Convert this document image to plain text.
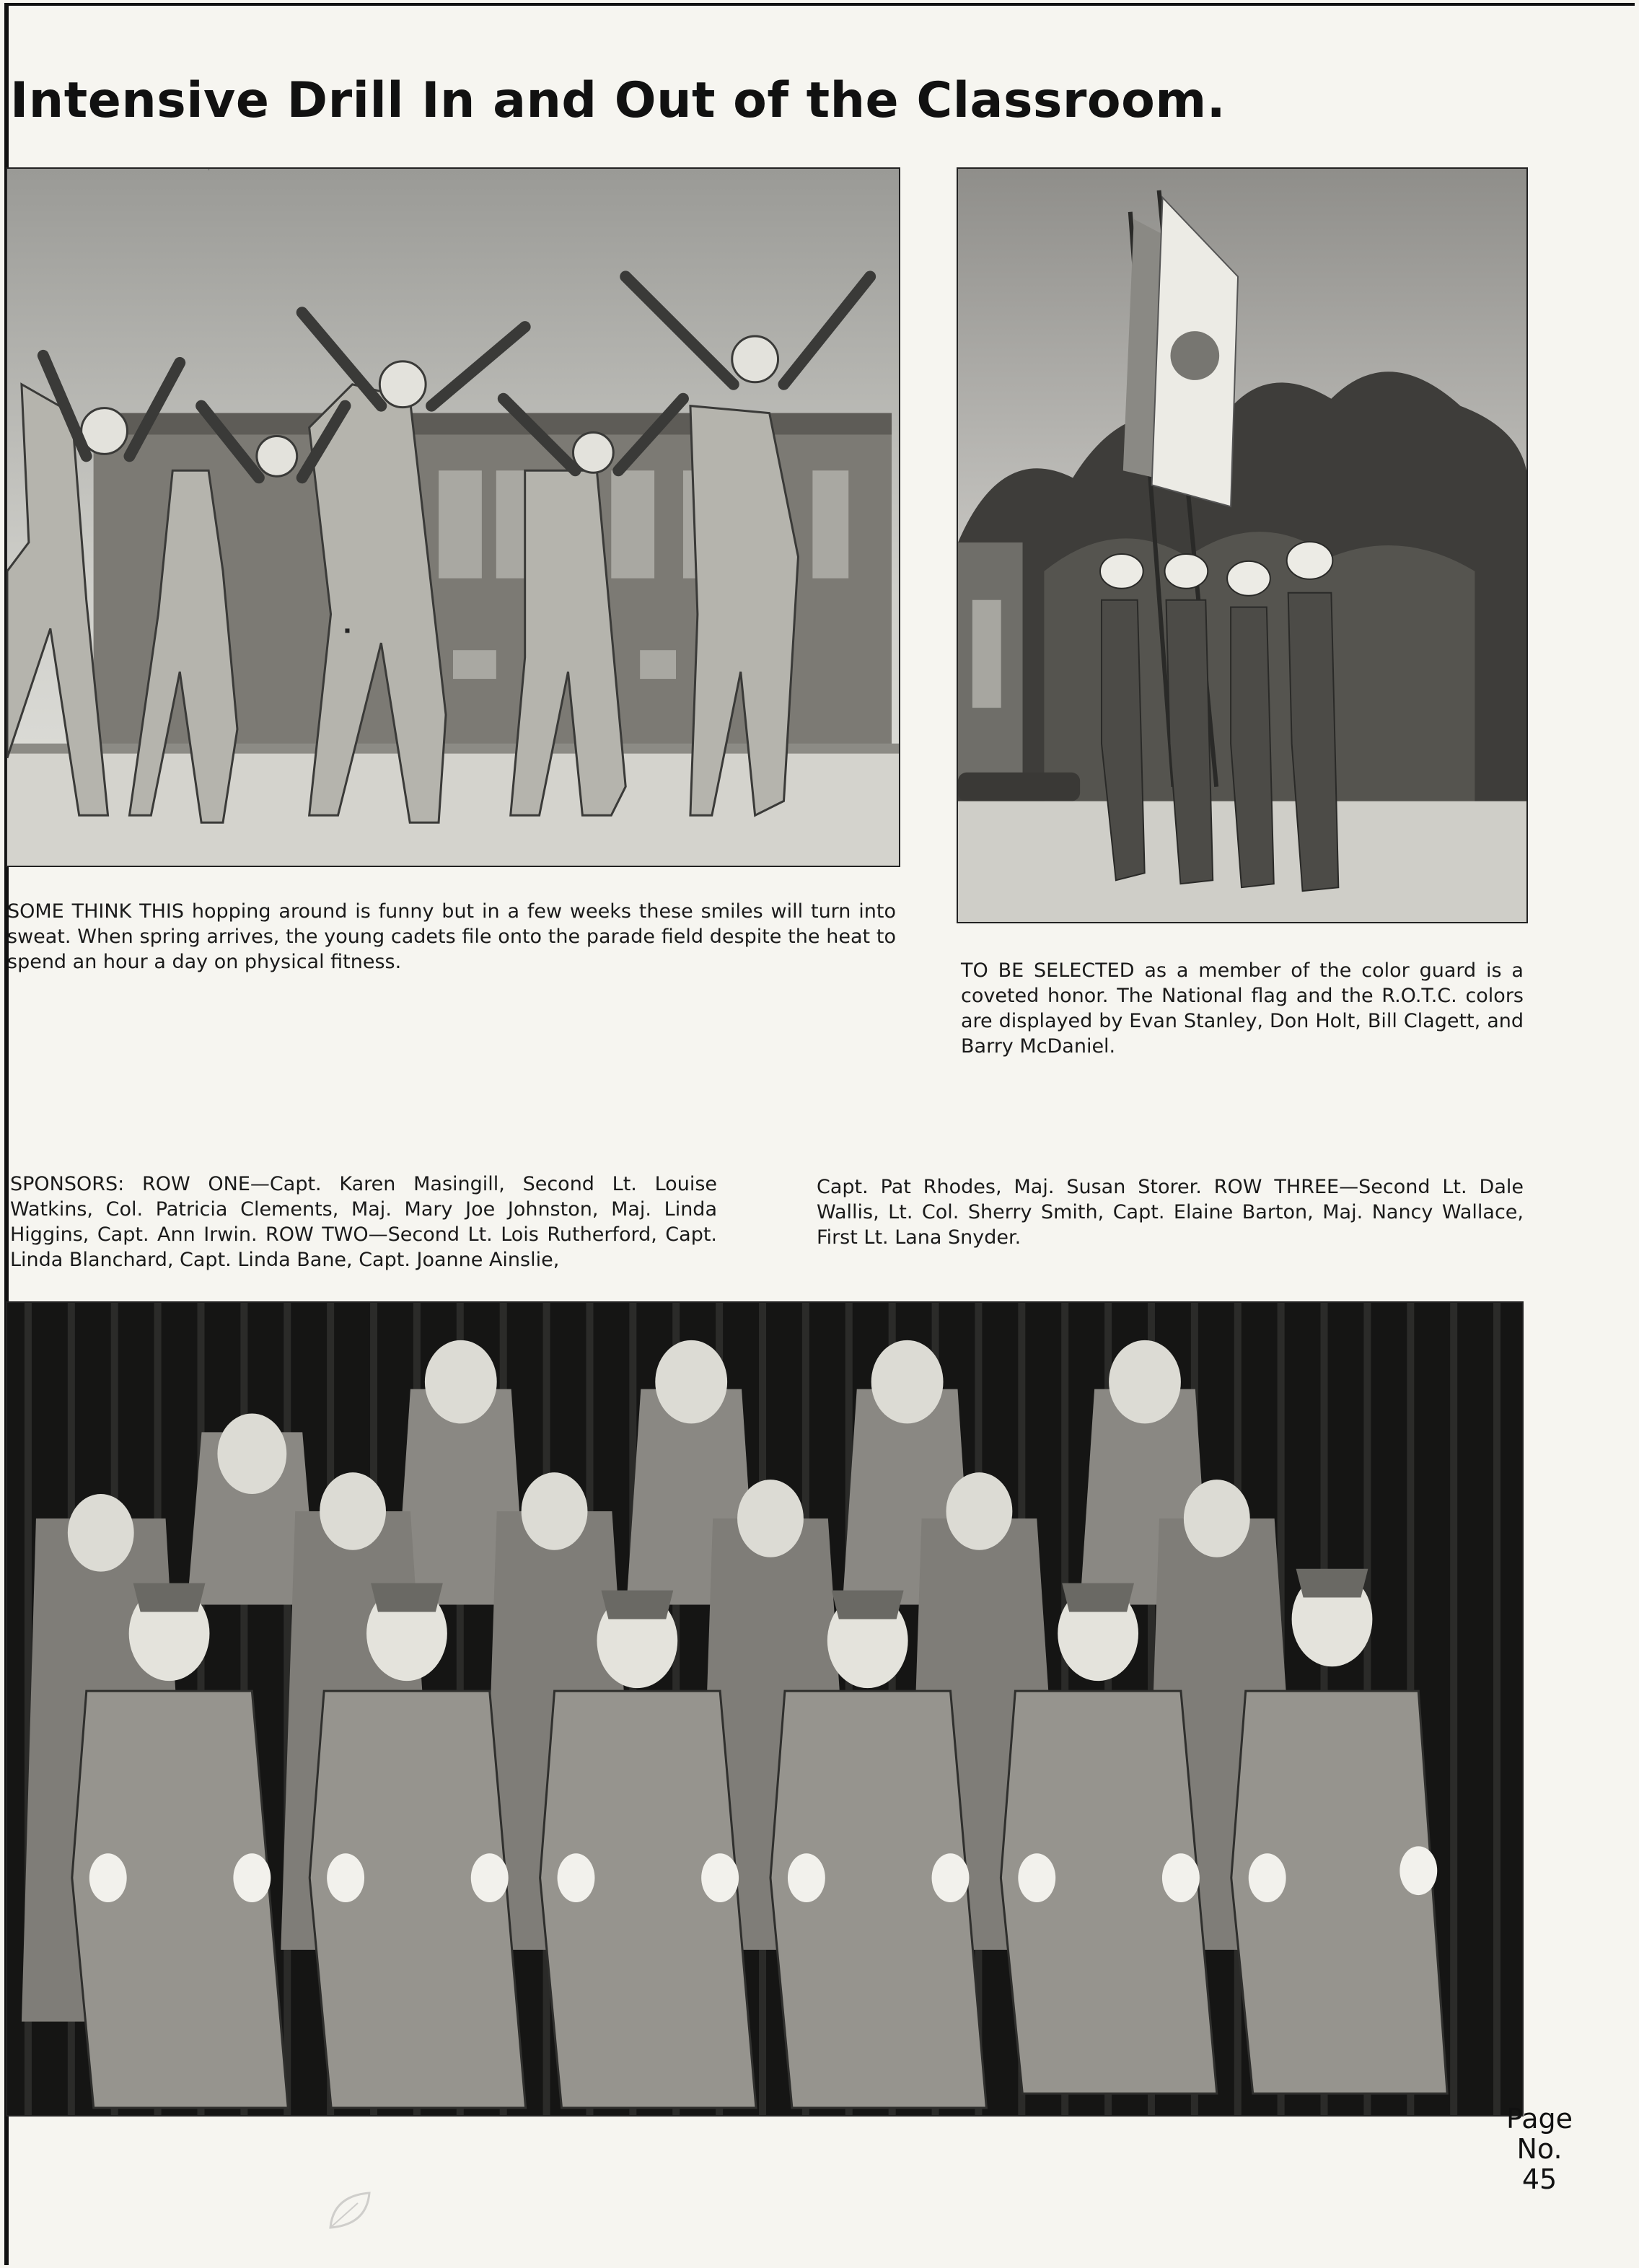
Intensive Drill In and Out of the Classroom.

SOME THINK THIS hopping around is funny but in a few weeks these smiles will turn into sweat. When spring arrives, the young cadets file onto the parade field despite the heat to spend an hour a day on physical fitness.	TO BE SELECTED as a member of the color guard is a coveted honor. The National flag and the R.O.T.C. colors are displayed by Evan Stanley, Don Holt, Bill Clagett, and Barry McDaniel.

SPONSORS: ROW ONE—Capt. Karen Masingill, Second Lt. Louise Watkins, Col. Patricia Clements, Maj. Mary Joe Johnston, Maj. Linda Higgins, Capt. Ann Irwin. ROW TWO—Second Lt. Lois Rutherford, Capt. Linda Blanchard, Capt. Linda Bane, Capt. Joanne Ainslie,

Capt. Pat Rhodes, Maj. Susan Storer. ROW THREE—Second Lt. Dale Wallis, Lt. Col. Sherry Smith, Capt. Elaine Barton, Maj. Nancy Wallace, First Lt. Lana Snyder.

Page
No.
45
